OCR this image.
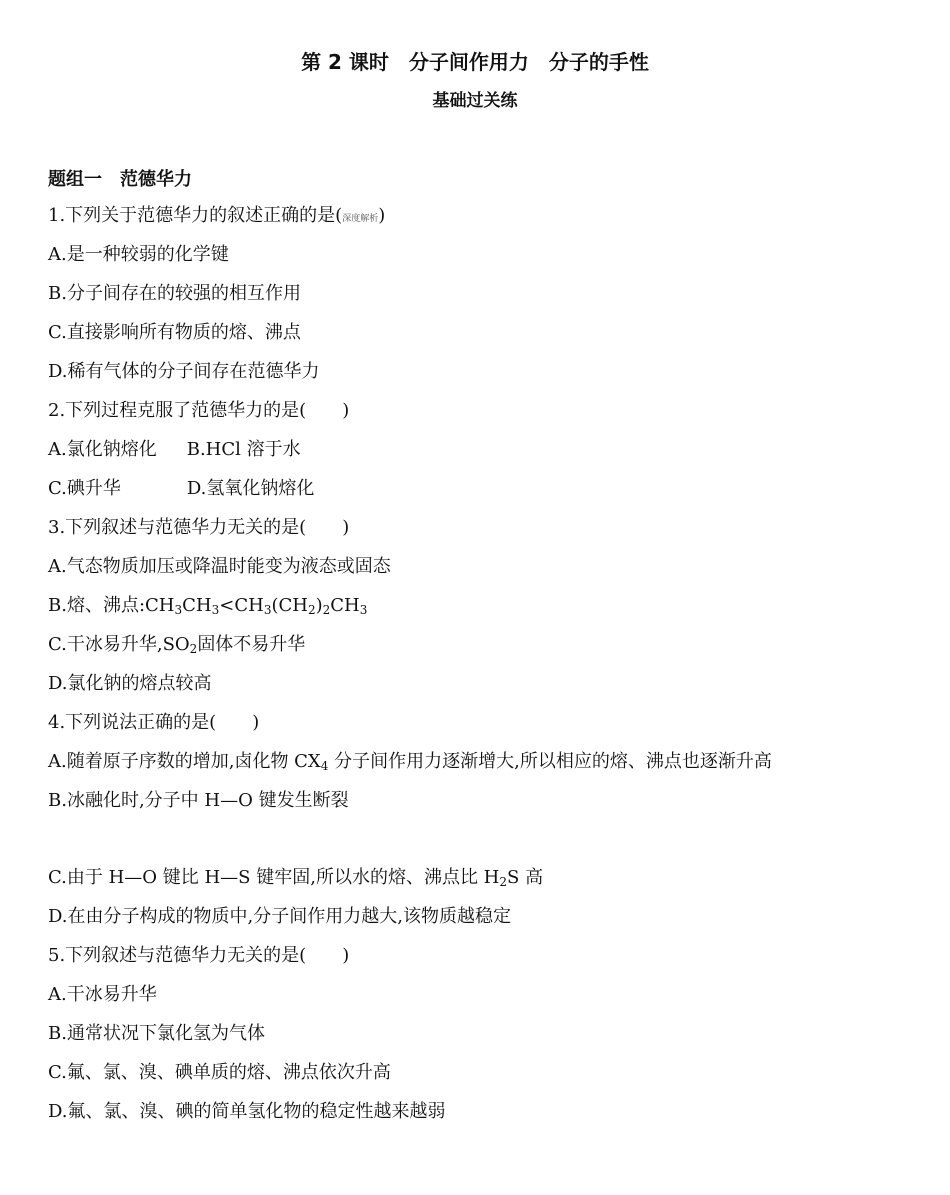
第 2 课时　分子间作用力　分子的手性
基础过关练
题组一　范德华力
1.下列关于范德华力的叙述正确的是(深度解析)
A.是一种较弱的化学键
B.分子间存在的较强的相互作用
C.直接影响所有物质的熔、沸点
D.稀有气体的分子间存在范德华力
2.下列过程克服了范德华力的是(　　)
A.氯化钠熔化 B.HCl 溶于水
C.碘升华	D.氢氧化钠熔化
3.下列叙述与范德华力无关的是(　　)
A.气态物质加压或降温时能变为液态或固态
B.熔、沸点$:CH_3CH_3<CH_3(CH_2)_2CH_3$
C.干冰易升华$,SO_2$固体不易升华
D.氯化钠的熔点较高
4.下列说法正确的是(　　)
A.随着原子序数的增加,卤化物 $CX_4$ 分子间作用力逐渐增大,所以相应的熔、沸点也逐渐升高
B.冰融化时,分子中 H—O 键发生断裂
C.由于 H—O 键比 H—S 键牢固,所以水的熔、沸点比 $H_2S$ 高
D.在由分子构成的物质中,分子间作用力越大,该物质越稳定
5.下列叙述与范德华力无关的是(　　)
A.干冰易升华
B.通常状况下氯化氢为气体
C.氟、氯、溴、碘单质的熔、沸点依次升高
D.氟、氯、溴、碘的简单氢化物的稳定性越来越弱
